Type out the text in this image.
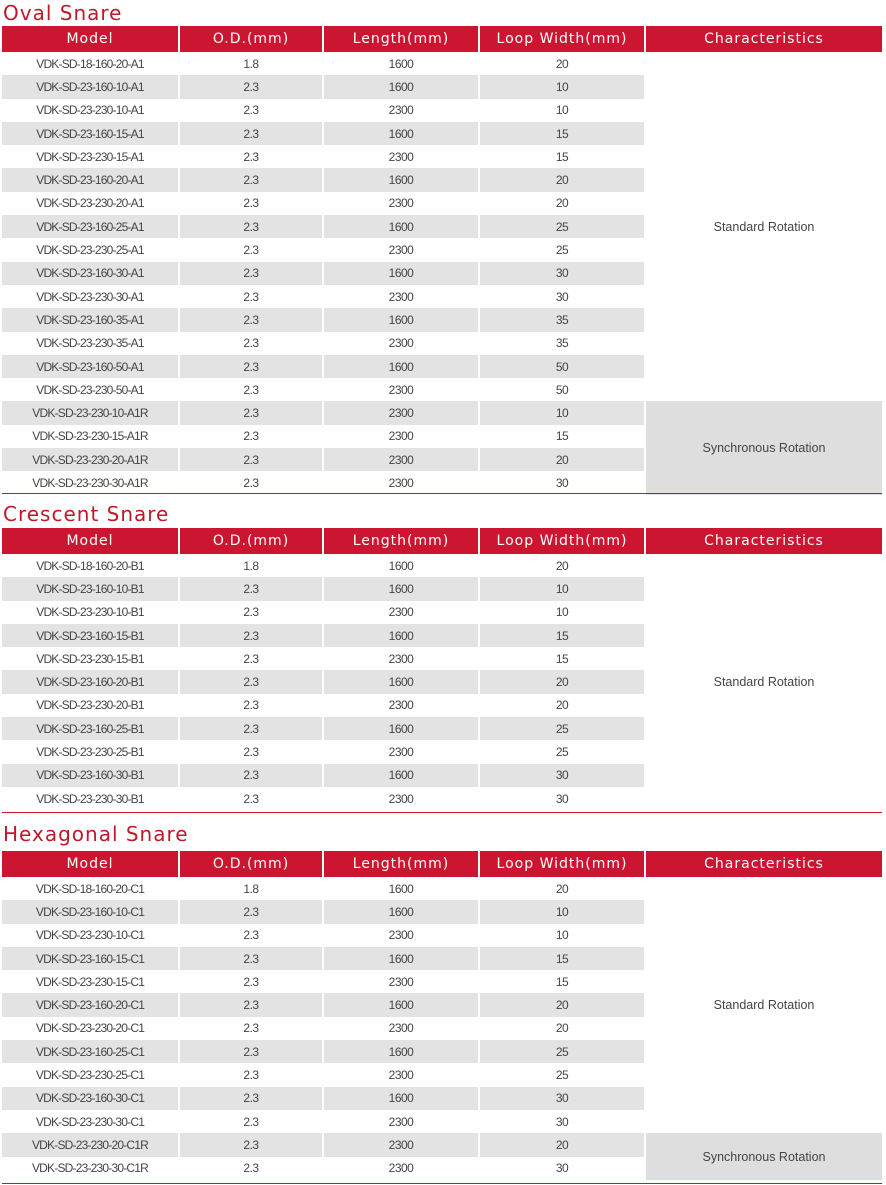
Oval Snare
Model	O.D.(mm)	Length(mm)	Loop Width(mm)	Characteristics
VDK-SD-18-160-20-A1	1.8	1600	20	Standard Rotation
VDK-SD-23-160-10-A1	2.3	1600	10	
VDK-SD-23-230-10-A1	2.3	2300	10	
VDK-SD-23-160-15-A1	2.3	1600	15	
VDK-SD-23-230-15-A1	2.3	2300	15	
VDK-SD-23-160-20-A1	2.3	1600	20	
VDK-SD-23-230-20-A1	2.3	2300	20	
VDK-SD-23-160-25-A1	2.3	1600	25	
VDK-SD-23-230-25-A1	2.3	2300	25	
VDK-SD-23-160-30-A1	2.3	1600	30	
VDK-SD-23-230-30-A1	2.3	2300	30	
VDK-SD-23-160-35-A1	2.3	1600	35	
VDK-SD-23-230-35-A1	2.3	2300	35	
VDK-SD-23-160-50-A1	2.3	1600	50	
VDK-SD-23-230-50-A1	2.3	2300	50	
VDK-SD-23-230-10-A1R	2.3	2300	10	Synchronous Rotation
VDK-SD-23-230-15-A1R	2.3	2300	15	
VDK-SD-23-230-20-A1R	2.3	2300	20	
VDK-SD-23-230-30-A1R	2.3	2300	30	
Crescent Snare
Model	O.D.(mm)	Length(mm)	Loop Width(mm)	Characteristics
VDK-SD-18-160-20-B1	1.8	1600	20	Standard Rotation
VDK-SD-23-160-10-B1	2.3	1600	10	
VDK-SD-23-230-10-B1	2.3	2300	10	
VDK-SD-23-160-15-B1	2.3	1600	15	
VDK-SD-23-230-15-B1	2.3	2300	15	
VDK-SD-23-160-20-B1	2.3	1600	20	
VDK-SD-23-230-20-B1	2.3	2300	20	
VDK-SD-23-160-25-B1	2.3	1600	25	
VDK-SD-23-230-25-B1	2.3	2300	25	
VDK-SD-23-160-30-B1	2.3	1600	30	
VDK-SD-23-230-30-B1	2.3	2300	30	
Hexagonal Snare
Model	O.D.(mm)	Length(mm)	Loop Width(mm)	Characteristics
VDK-SD-18-160-20-C1	1.8	1600	20	Standard Rotation
VDK-SD-23-160-10-C1	2.3	1600	10	
VDK-SD-23-230-10-C1	2.3	2300	10	
VDK-SD-23-160-15-C1	2.3	1600	15	
VDK-SD-23-230-15-C1	2.3	2300	15	
VDK-SD-23-160-20-C1	2.3	1600	20	
VDK-SD-23-230-20-C1	2.3	2300	20	
VDK-SD-23-160-25-C1	2.3	1600	25	
VDK-SD-23-230-25-C1	2.3	2300	25	
VDK-SD-23-160-30-C1	2.3	1600	30	
VDK-SD-23-230-30-C1	2.3	2300	30	
VDK-SD-23-230-20-C1R	2.3	2300	20	Synchronous Rotation
VDK-SD-23-230-30-C1R	2.3	2300	30	
